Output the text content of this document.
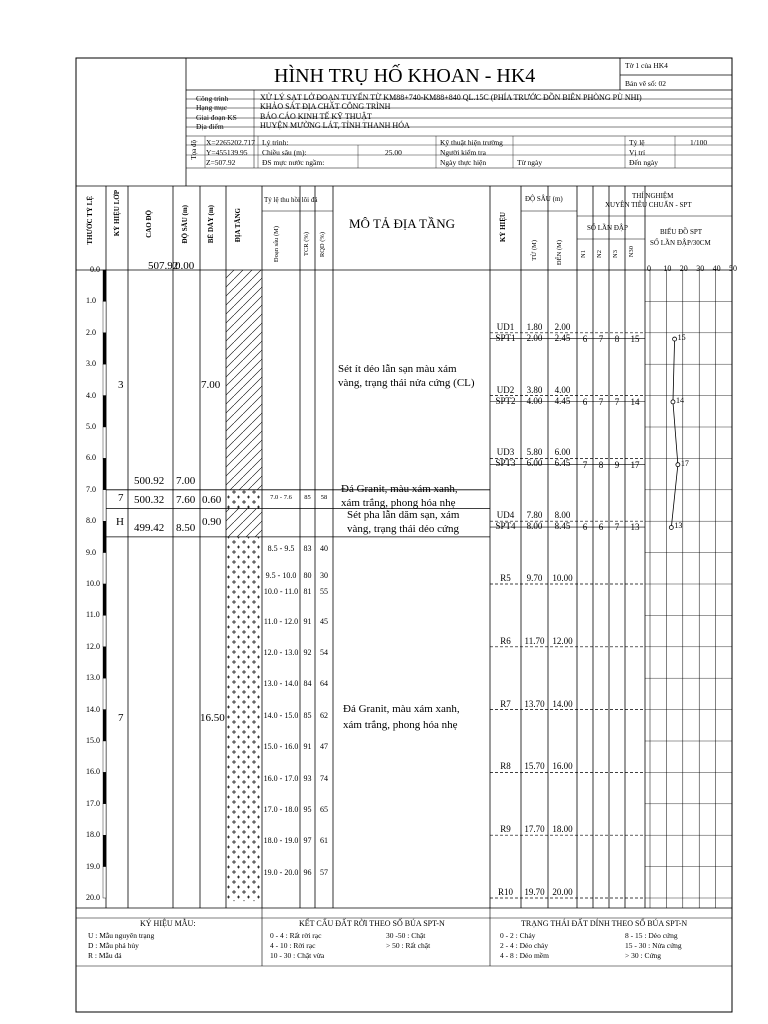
HÌNH TRỤ HỐ KHOAN - HK4	Tờ 1 của HK4
Bản vẽ số: 02
Công trình	XỬ LÝ SẠT LỞ ĐOẠN TUYẾN TỪ KM88+740-KM88+840 QL.15C (PHÍA TRƯỚC ĐỒN BIÊN PHÒNG PÙ NHI)
Hạng mục	KHẢO SÁT ĐỊA CHẤT CÔNG TRÌNH
Giai đoạn KS	BÁO CÁO KINH TẾ KỸ THUẬT
Địa điểm	HUYỆN MƯỜNG LÁT, TỈNH THANH HÓA
Tọa độ X=2265202.717
Y=455139.95
Z=507.92
Lý trình:
Chiều sâu (m):	25.00
ĐS mực nước ngầm:
Kỹ thuật hiện trường
Người kiểm tra
Ngày thực hiện	Từ ngày
Tỷ lệ	1/100
Vị trí
Đến ngày
THƯỚC TỶ LỆ	KÝ HIỆU LỚP	CAO ĐỘ	ĐỘ SÂU (m)	BỀ DÀY (m)	ĐỊA TẦNG
Tỷ lệ thu hồi lõi đá
Đoạn sâu (M)	TCR (%) RQD (%)
MÔ TẢ ĐỊA TẦNG	KÝ HIỆU
ĐỘ SÂU (m)
TỪ (M)	ĐẾN (M)
THÍ NGHIỆM
XUYÊN TIÊU CHUẨN - SPT
SỐ LẦN ĐẬP
N1 N2 N3 N30
BIỂU ĐỒ SPT
SỐ LẦN ĐẬP/30CM
0.0	507.92
0.00
KÝ HIỆU MẪU:	KẾT CẤU ĐẤT RỜI THEO SỐ BÚA SPT-N	TRẠNG THÁI ĐẤT DÍNH THEO SỐ BÚA SPT-N
1.0
2.0
3.0
4.0
5.0
6.0
7.0
8.0
9.0
10.0
11.0
12.0
13.0
14.0
15.0
16.0
17.0
18.0
19.0
20.0
3	7.00
500.92 7.00
Sét ít dẻo lẫn sạn màu xám
vàng, trạng thái nửa cứng (CL)
7 500.32 7.60 0.60
Đá Granit, màu xám xanh,
xám trắng, phong hóa nhẹ
H
499.42 8.50
0.90
Sét pha lẫn dăm sạn, xám
vàng, trạng thái dẻo cứng
7	16.50
Đá Granit, màu xám xanh,
xám trắng, phong hóa nhẹ
7.0 - 7.6	85	58
8.5 - 9.5	83	40
9.5 - 10.0 80	30
10.0 - 11.0 81	55
11.0 - 12.0 91	45
12.0 - 13.0 92	54
13.0 - 14.0 84	64
14.0 - 15.0 85	62
15.0 - 16.0 91	47
16.0 - 17.0 93	74
17.0 - 18.0 95	65
18.0 - 19.0 97	61
19.0 - 20.0 96	57
UD1	1.80	2.00
SPT1	2.00	2.45
UD2	3.80	4.00
SPT2	4.00	4.45
UD3	5.80	6.00
SPT3	6.00	6.45
UD4	7.80	8.00
SPT4	8.00	8.45
R5	9.70	10.00
R6	11.70 12.00
R7	13.70 14.00
R8	15.70 16.00
R9	17.70 18.00
R10	19.70 20.00
6	7	8	15
6	7	7	14
7	8	9	17
6	6	7	13
0 10 20 30 40 50
15
14
17
13
U : Mẫu nguyên trạng
D : Mẫu phá hủy
R : Mẫu đá
0 - 4 : Rất rời rạc
4 - 10 : Rời rạc
10 - 30 : Chặt vừa
30 -50 : Chặt
> 50 : Rất chặt
0 - 2 : Chảy
2 - 4 : Dẻo chảy
4 - 8 : Dẻo mềm
8 - 15 : Dẻo cứng
15 - 30 : Nửa cứng
> 30 : Cứng
